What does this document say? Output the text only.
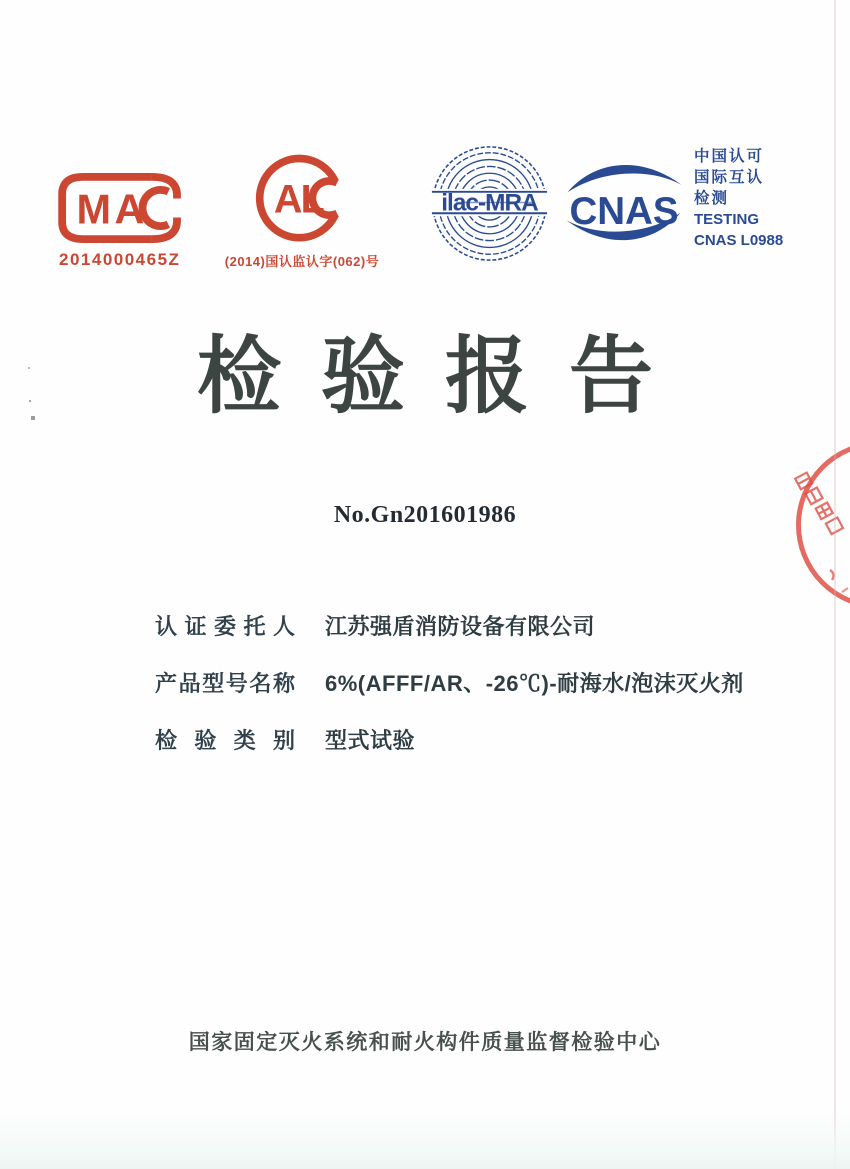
MA
2014000465Z
AL
(2014)国认监认字(062)号
ilac-MRA CNAS
中国认可
国际互认
检测
TESTING
CNAS L0988
检验报告
No.Gn201601986
认证委托人 江苏强盾消防设备有限公司
产品型号名称 6%(AFFF/AR、-26℃)-耐海水/泡沫灭火剂
检验类别 型式试验
国家固定灭火系统和耐火构件质量监督检验中心
